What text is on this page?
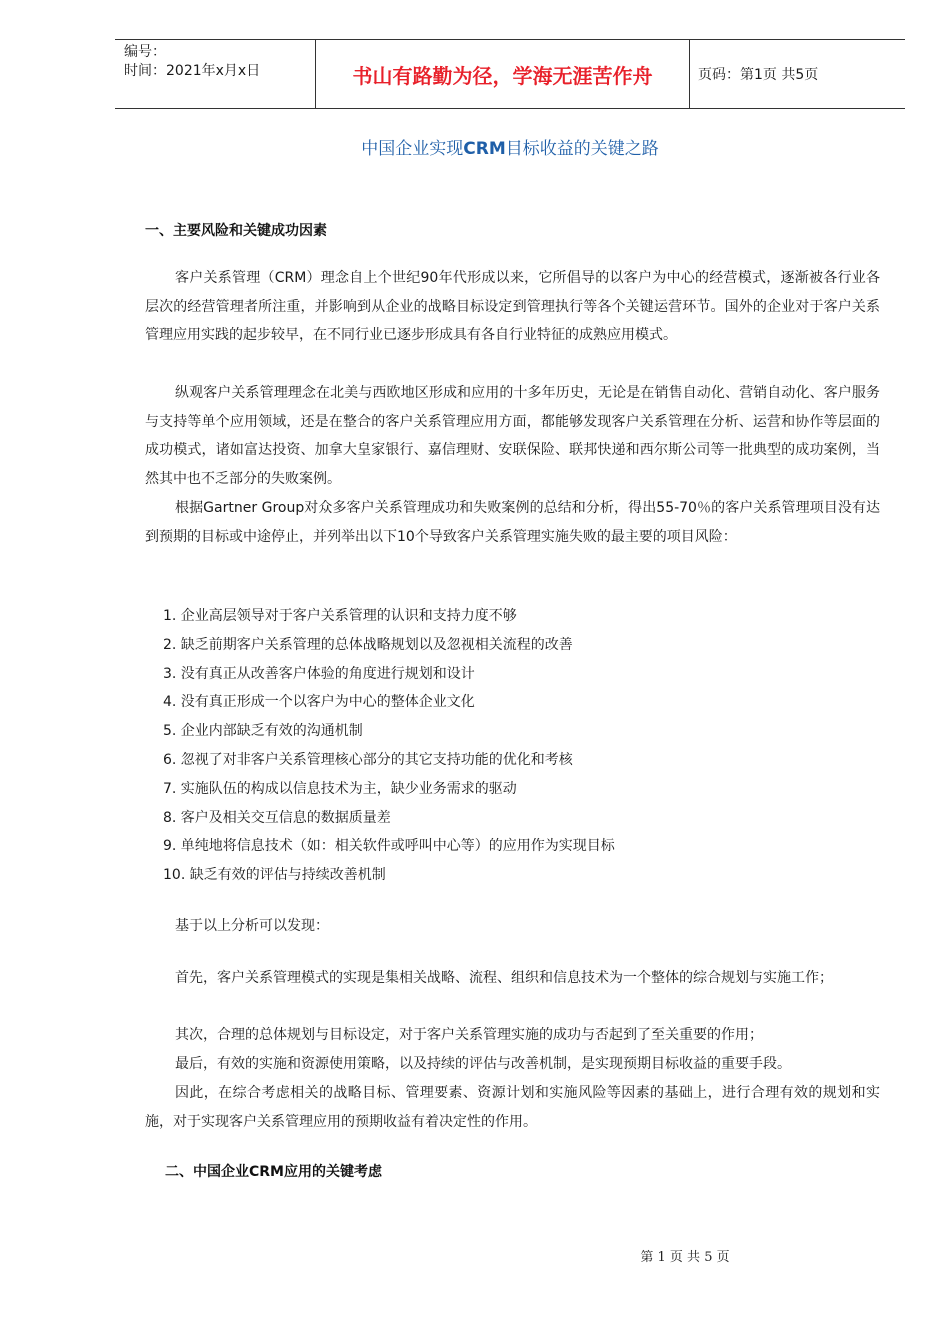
编号：
时间：2021年x月x日	书山有路勤为径，学海无涯苦作舟	页码：第1页 共5页
中国企业实现CRM目标收益的关键之路
一、主要风险和关键成功因素

客户关系管理（CRM）理念自上个世纪90年代形成以来，它所倡导的以客户为中心的经营模式，逐渐被各行业各层次的经营管理者所注重，并影响到从企业的战略目标设定到管理执行等各个关键运营环节。国外的企业对于客户关系管理应用实践的起步较早，在不同行业已逐步形成具有各自行业特征的成熟应用模式。

纵观客户关系管理理念在北美与西欧地区形成和应用的十多年历史，无论是在销售自动化、营销自动化、客户服务与支持等单个应用领域，还是在整合的客户关系管理应用方面，都能够发现客户关系管理在分析、运营和协作等层面的成功模式，诸如富达投资、加拿大皇家银行、嘉信理财、安联保险、联邦快递和西尔斯公司等一批典型的成功案例，当然其中也不乏部分的失败案例。

根据Gartner Group对众多客户关系管理成功和失败案例的总结和分析，得出55-70％的客户关系管理项目没有达到预期的目标或中途停止，并列举出以下10个导致客户关系管理实施失败的最主要的项目风险：

1. 企业高层领导对于客户关系管理的认识和支持力度不够
2. 缺乏前期客户关系管理的总体战略规划以及忽视相关流程的改善
3. 没有真正从改善客户体验的角度进行规划和设计
4. 没有真正形成一个以客户为中心的整体企业文化
5. 企业内部缺乏有效的沟通机制
6. 忽视了对非客户关系管理核心部分的其它支持功能的优化和考核
7. 实施队伍的构成以信息技术为主，缺少业务需求的驱动
8. 客户及相关交互信息的数据质量差
9. 单纯地将信息技术（如：相关软件或呼叫中心等）的应用作为实现目标
10. 缺乏有效的评估与持续改善机制

基于以上分析可以发现：

首先，客户关系管理模式的实现是集相关战略、流程、组织和信息技术为一个整体的综合规划与实施工作；

其次，合理的总体规划与目标设定，对于客户关系管理实施的成功与否起到了至关重要的作用；

最后，有效的实施和资源使用策略，以及持续的评估与改善机制，是实现预期目标收益的重要手段。

因此，在综合考虑相关的战略目标、管理要素、资源计划和实施风险等因素的基础上，进行合理有效的规划和实施，对于实现客户关系管理应用的预期收益有着决定性的作用。

二、中国企业CRM应用的关键考虑
第 1 页 共 5 页
